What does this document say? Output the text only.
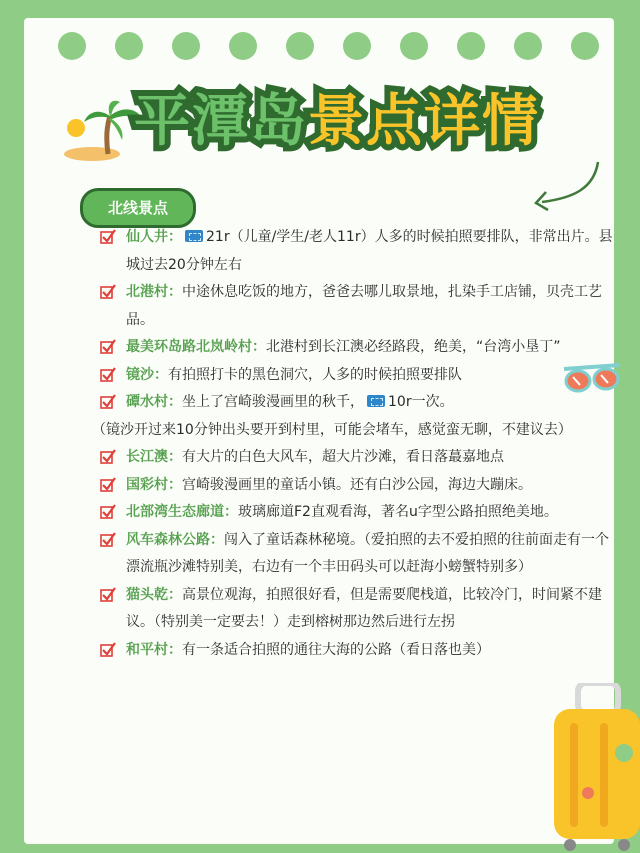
平潭岛景点详情
北线景点

仙人井： 21r（儿童/学生/老人11r）人多的时候拍照要排队，非常出片。县城过去20分钟左右

北港村：中途休息吃饭的地方，爸爸去哪儿取景地，扎染手工店铺，贝壳工艺品。

最美环岛路北岚岭村：北港村到长江澳必经路段，绝美，“台湾小垦丁”

镜沙：有拍照打卡的黑色洞穴，人多的时候拍照要排队

磹水村：坐上了宫崎骏漫画里的秋千， 10r一次。

（镜沙开过来10分钟出头要开到村里，可能会堵车，感觉蛮无聊，不建议去）

长江澳：有大片的白色大风车，超大片沙滩，看日落蕞嘉地点

国彩村：宫崎骏漫画里的童话小镇。还有白沙公园，海边大蹦床。

北部湾生态廊道：玻璃廊道F2直观看海，著名u字型公路拍照绝美地。

风车森林公路：闯入了童话森林秘境。（爱拍照的去不爱拍照的往前面走有一个漂流瓶沙滩特别美，右边有一个丰田码头可以赶海小螃蟹特别多）

猫头乾：高景位观海，拍照很好看，但是需要爬栈道，比较冷门，时间紧不建议。（特别美一定要去！）走到榕树那边然后进行左拐

和平村：有一条适合拍照的通往大海的公路（看日落也美）
